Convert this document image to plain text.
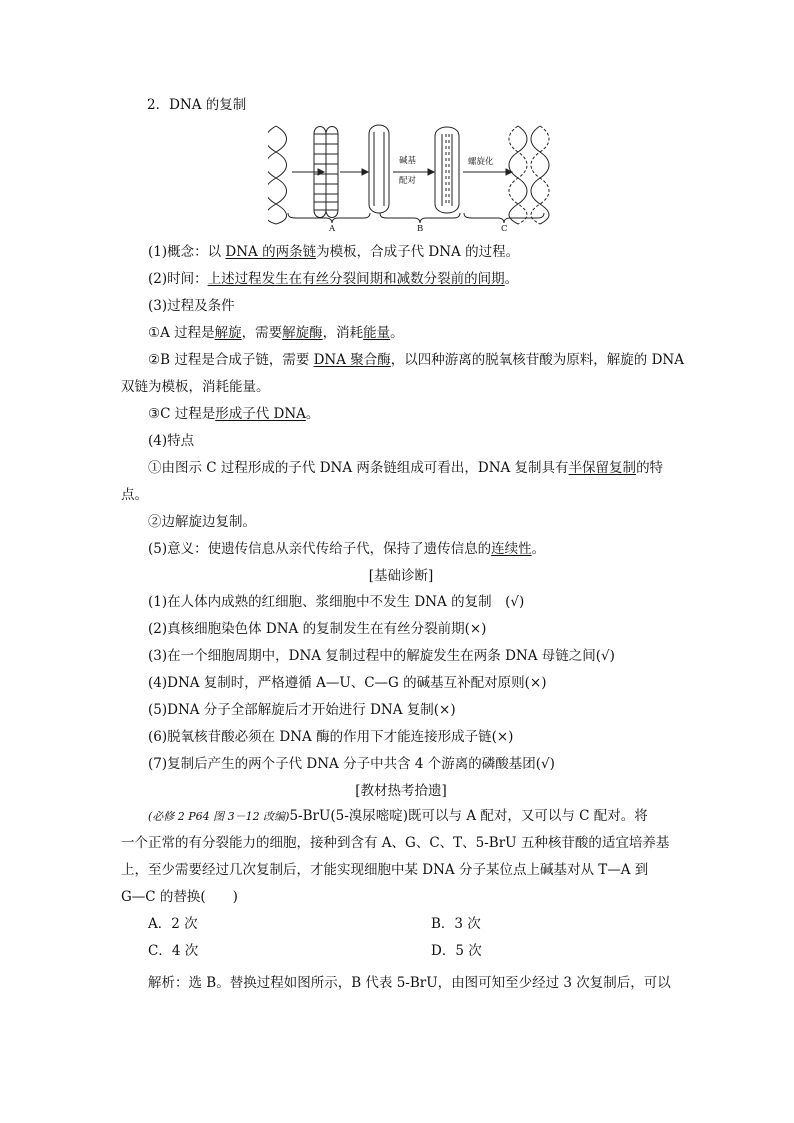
2．DNA 的复制
碱基
配对
螺旋化
A	B	C
(1)概念：以 DNA 的两条链为模板，合成子代 DNA 的过程。
(2)时间：上述过程发生在有丝分裂间期和减数分裂前的间期。
(3)过程及条件
①A 过程是解旋，需要解旋酶，消耗能量。
②B 过程是合成子链，需要 DNA 聚合酶，以四种游离的脱氧核苷酸为原料，解旋的 DNA
双链为模板，消耗能量。
③C 过程是形成子代 DNA。
(4)特点
①由图示 C 过程形成的子代 DNA 两条链组成可看出，DNA 复制具有半保留复制的特
点。
②边解旋边复制。
(5)意义：使遗传信息从亲代传给子代，保持了遗传信息的连续性。
[基础诊断]
(1)在人体内成熟的红细胞、浆细胞中不发生 DNA 的复制　(√)
(2)真核细胞染色体 DNA 的复制发生在有丝分裂前期(×)
(3)在一个细胞周期中，DNA 复制过程中的解旋发生在两条 DNA 母链之间(√)
(4)DNA 复制时，严格遵循 A—U、C—G 的碱基互补配对原则(×)
(5)DNA 分子全部解旋后才开始进行 DNA 复制(×)
(6)脱氧核苷酸必须在 DNA 酶的作用下才能连接形成子链(×)
(7)复制后产生的两个子代 DNA 分子中共含 4 个游离的磷酸基团(√)
[教材热考拾遗]
(必修 2 P64 图 3－12 改编)5-BrU(5-溴尿嘧啶)既可以与 A 配对，又可以与 C 配对。将
一个正常的有分裂能力的细胞，接种到含有 A、G、C、T、5-BrU 五种核苷酸的适宜培养基
上，至少需要经过几次复制后，才能实现细胞中某 DNA 分子某位点上碱基对从 T—A 到
G—C 的替换(　　)
A．2 次	B．3 次
C．4 次	D．5 次
解析：选 B。替换过程如图所示，B 代表 5-BrU，由图可知至少经过 3 次复制后，可以
